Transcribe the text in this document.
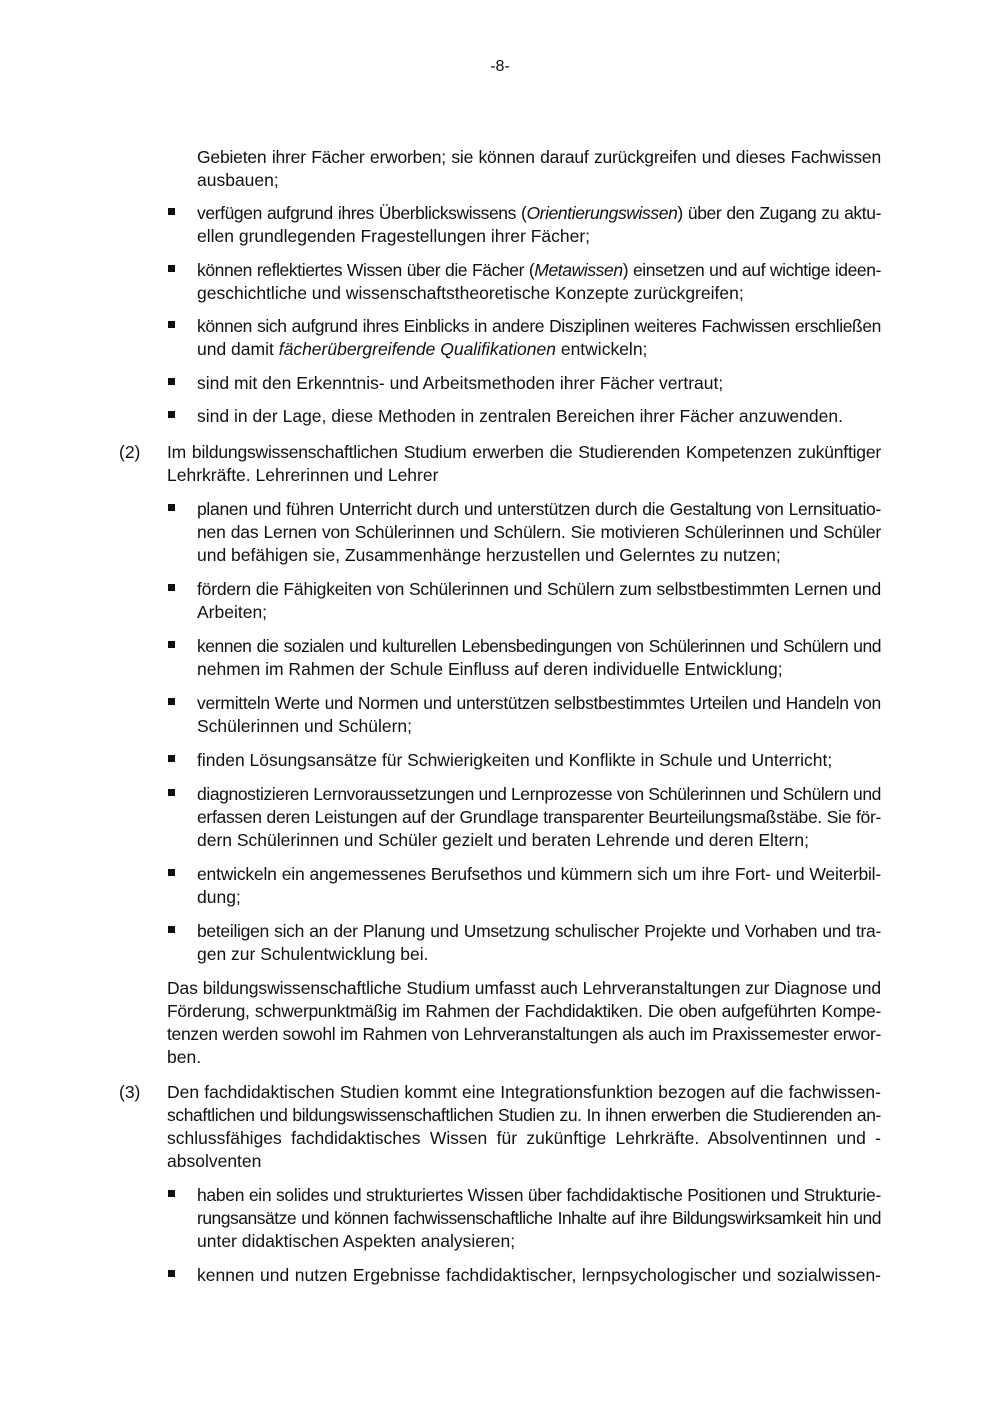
-8-
Gebieten ihrer Fächer erworben; sie können darauf zurückgreifen und dieses Fachwissen
ausbauen;
verfügen aufgrund ihres Überblickswissens (Orientierungswissen) über den Zugang zu aktu-
ellen grundlegenden Fragestellungen ihrer Fächer;
können reflektiertes Wissen über die Fächer (Metawissen) einsetzen und auf wichtige ideen-
geschichtliche und wissenschaftstheoretische Konzepte zurückgreifen;
können sich aufgrund ihres Einblicks in andere Disziplinen weiteres Fachwissen erschließen
und damit fächerübergreifende Qualifikationen entwickeln;
sind mit den Erkenntnis- und Arbeitsmethoden ihrer Fächer vertraut;
sind in der Lage, diese Methoden in zentralen Bereichen ihrer Fächer anzuwenden.
(2) Im bildungswissenschaftlichen Studium erwerben die Studierenden Kompetenzen zukünftiger
Lehrkräfte. Lehrerinnen und Lehrer
planen und führen Unterricht durch und unterstützen durch die Gestaltung von Lernsituatio-
nen das Lernen von Schülerinnen und Schülern. Sie motivieren Schülerinnen und Schüler
und befähigen sie, Zusammenhänge herzustellen und Gelerntes zu nutzen;
fördern die Fähigkeiten von Schülerinnen und Schülern zum selbstbestimmten Lernen und
Arbeiten;
kennen die sozialen und kulturellen Lebensbedingungen von Schülerinnen und Schülern und
nehmen im Rahmen der Schule Einfluss auf deren individuelle Entwicklung;
vermitteln Werte und Normen und unterstützen selbstbestimmtes Urteilen und Handeln von
Schülerinnen und Schülern;
finden Lösungsansätze für Schwierigkeiten und Konflikte in Schule und Unterricht;
diagnostizieren Lernvoraussetzungen und Lernprozesse von Schülerinnen und Schülern und
erfassen deren Leistungen auf der Grundlage transparenter Beurteilungsmaßstäbe. Sie för-
dern Schülerinnen und Schüler gezielt und beraten Lehrende und deren Eltern;
entwickeln ein angemessenes Berufsethos und kümmern sich um ihre Fort- und Weiterbil-
dung;
beteiligen sich an der Planung und Umsetzung schulischer Projekte und Vorhaben und tra-
gen zur Schulentwicklung bei.
Das bildungswissenschaftliche Studium umfasst auch Lehrveranstaltungen zur Diagnose und
Förderung, schwerpunktmäßig im Rahmen der Fachdidaktiken. Die oben aufgeführten Kompe-
tenzen werden sowohl im Rahmen von Lehrveranstaltungen als auch im Praxissemester erwor-
ben.
(3) Den fachdidaktischen Studien kommt eine Integrationsfunktion bezogen auf die fachwissen-
schaftlichen und bildungswissenschaftlichen Studien zu. In ihnen erwerben die Studierenden an-
schlussfähiges fachdidaktisches Wissen für zukünftige Lehrkräfte. Absolventinnen und -
absolventen
haben ein solides und strukturiertes Wissen über fachdidaktische Positionen und Strukturie-
rungsansätze und können fachwissenschaftliche Inhalte auf ihre Bildungswirksamkeit hin und
unter didaktischen Aspekten analysieren;
kennen und nutzen Ergebnisse fachdidaktischer, lernpsychologischer und sozialwissen-
